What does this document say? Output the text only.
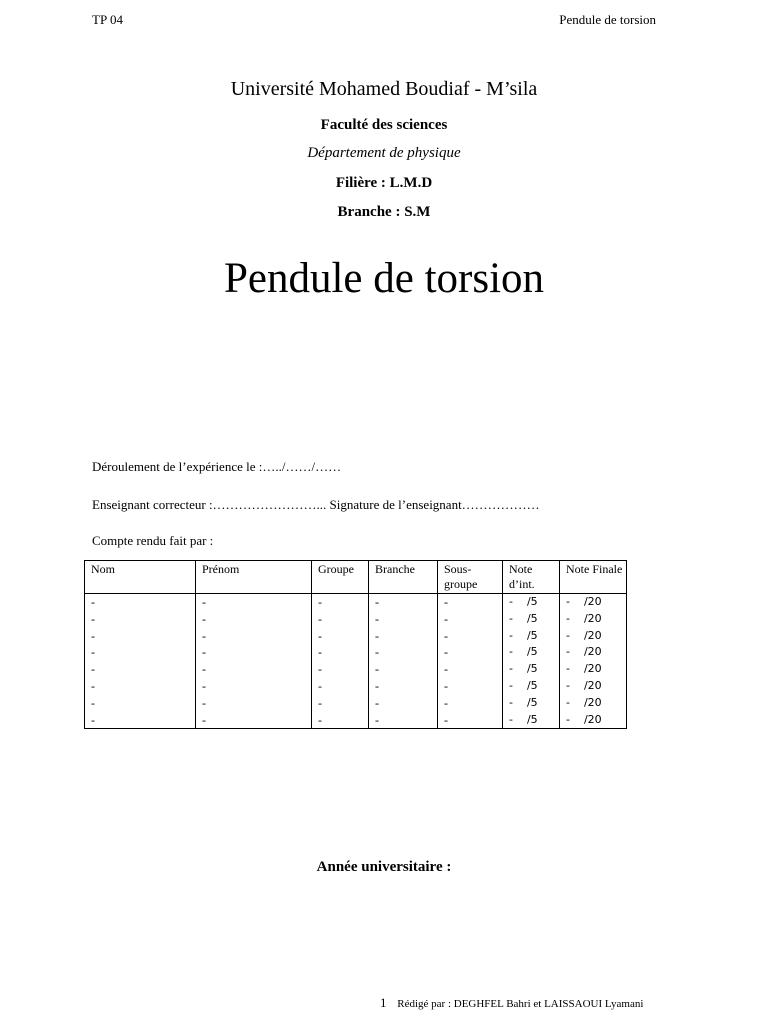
TP 04	Pendule de torsion
Université Mohamed Boudiaf - M’sila
Faculté des sciences
Département de physique
Filière : L.M.D
Branche : S.M
Pendule de torsion
Déroulement de l’expérience le :…../……/……
Enseignant correcteur :……………………... Signature de l’enseignant………………
Compte rendu fait par :
Nom	Prénom	Groupe	Branche	Sous-groupe	Note d’int.	Note Finale
-	-	-	-	-	-    /5	-    /20
-	-	-	-	-	-    /5	-    /20
-	-	-	-	-	-    /5	-    /20
-	-	-	-	-	-    /5	-    /20
-	-	-	-	-	-    /5	-    /20
-	-	-	-	-	-    /5	-    /20
-	-	-	-	-	-    /5	-    /20
-	-	-	-	-	-    /5	-    /20
Année universitaire :
1 Rédigé par : DEGHFEL Bahri et LAISSAOUI Lyamani
